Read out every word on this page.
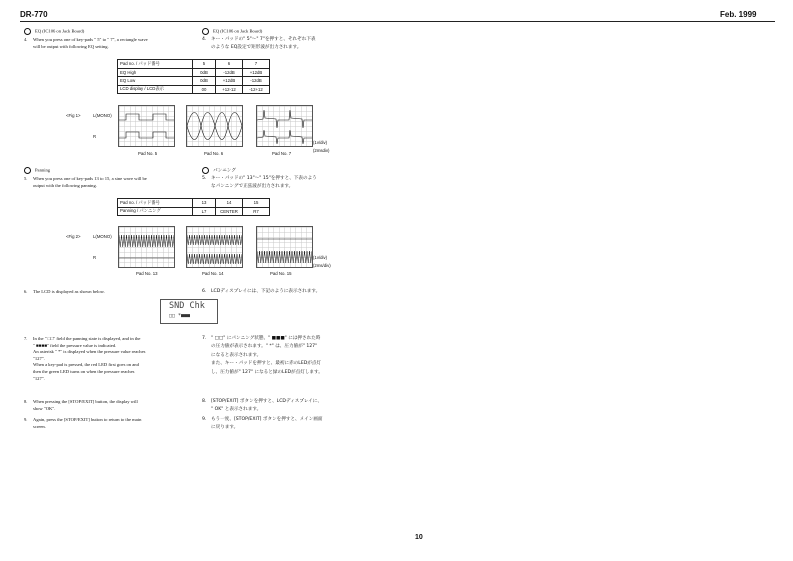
DR-770	Feb. 1999
EQ (IC106 on Jack Board)
4. When you press one of key-pads " 5" to " 7", a rectangle wave
will be output with following EQ setting.
EQ (IC106 on Jack Board)
4. キー・パッドの" 5"～" 7"を押すと、それぞれ下表
のような EQ設定で矩形波が出力されます。
Pad no. / パッド番号	5	6	7
EQ High	0dB	-12dB	+12dB
EQ Low	0dB	+12dB	-12dB
LCD display / LCD表示	00	+12-12	-12+12
<Fig 1>	L(MONO)
R
Pad No. 5	Pad No. 6	Pad No. 7
(1v/div)
(2msdiv)
Panning
5. When you press one of key-pads 13 to 15, a sine wave will be
output with the following panning.
パンニング
5. キー・パッドの" 13"～" 15"を押すと、下表のよう
なパンニングで正弦波が出力されます。
Pad no. / パッド番号	13	14	15
Panning / パンニング	L7	CENTER	R7
<Fig 2>	L(MONO)
R
Pad No. 13	Pad No. 14	Pad No. 15
(1v/div)
(2ms/div)
6. The LCD is displayed as shown below.	6. LCDディスプレイには、下記のように表示されます。
SND Chk
□□ *■■■
7. In the " □□" field the panning state is displayed, and in the
" ■■■■" field the pressure value is indicated.
An asterisk " *" is displayed when the pressure value reaches
"127".
When a key-pad is pressed, the red LED first goes on and
then the green LED turns on when the pressure reaches
"127".
7. " □□" にパンニング状態、" ■■■" には押された時
の圧力値が表示されます。" *" は、圧力値が" 127"
になると表示されます。
また、キー・パッドを押すと、最初に赤のLEDが点灯
し、圧力値が" 127" になると緑のLEDが点灯します。
8. When pressing the [STOP/EXIT] button, the display will
show "OK".
8. [STOP/EXIT] ボタンを押すと、LCDディスプレイに、
" OK" と表示されます。
9. Again, press the [STOP/EXIT] button to return to the main
screen.
9. もう一度、[STOP/EXIT] ボタンを押すと、メイン画面
に戻ります。
10
